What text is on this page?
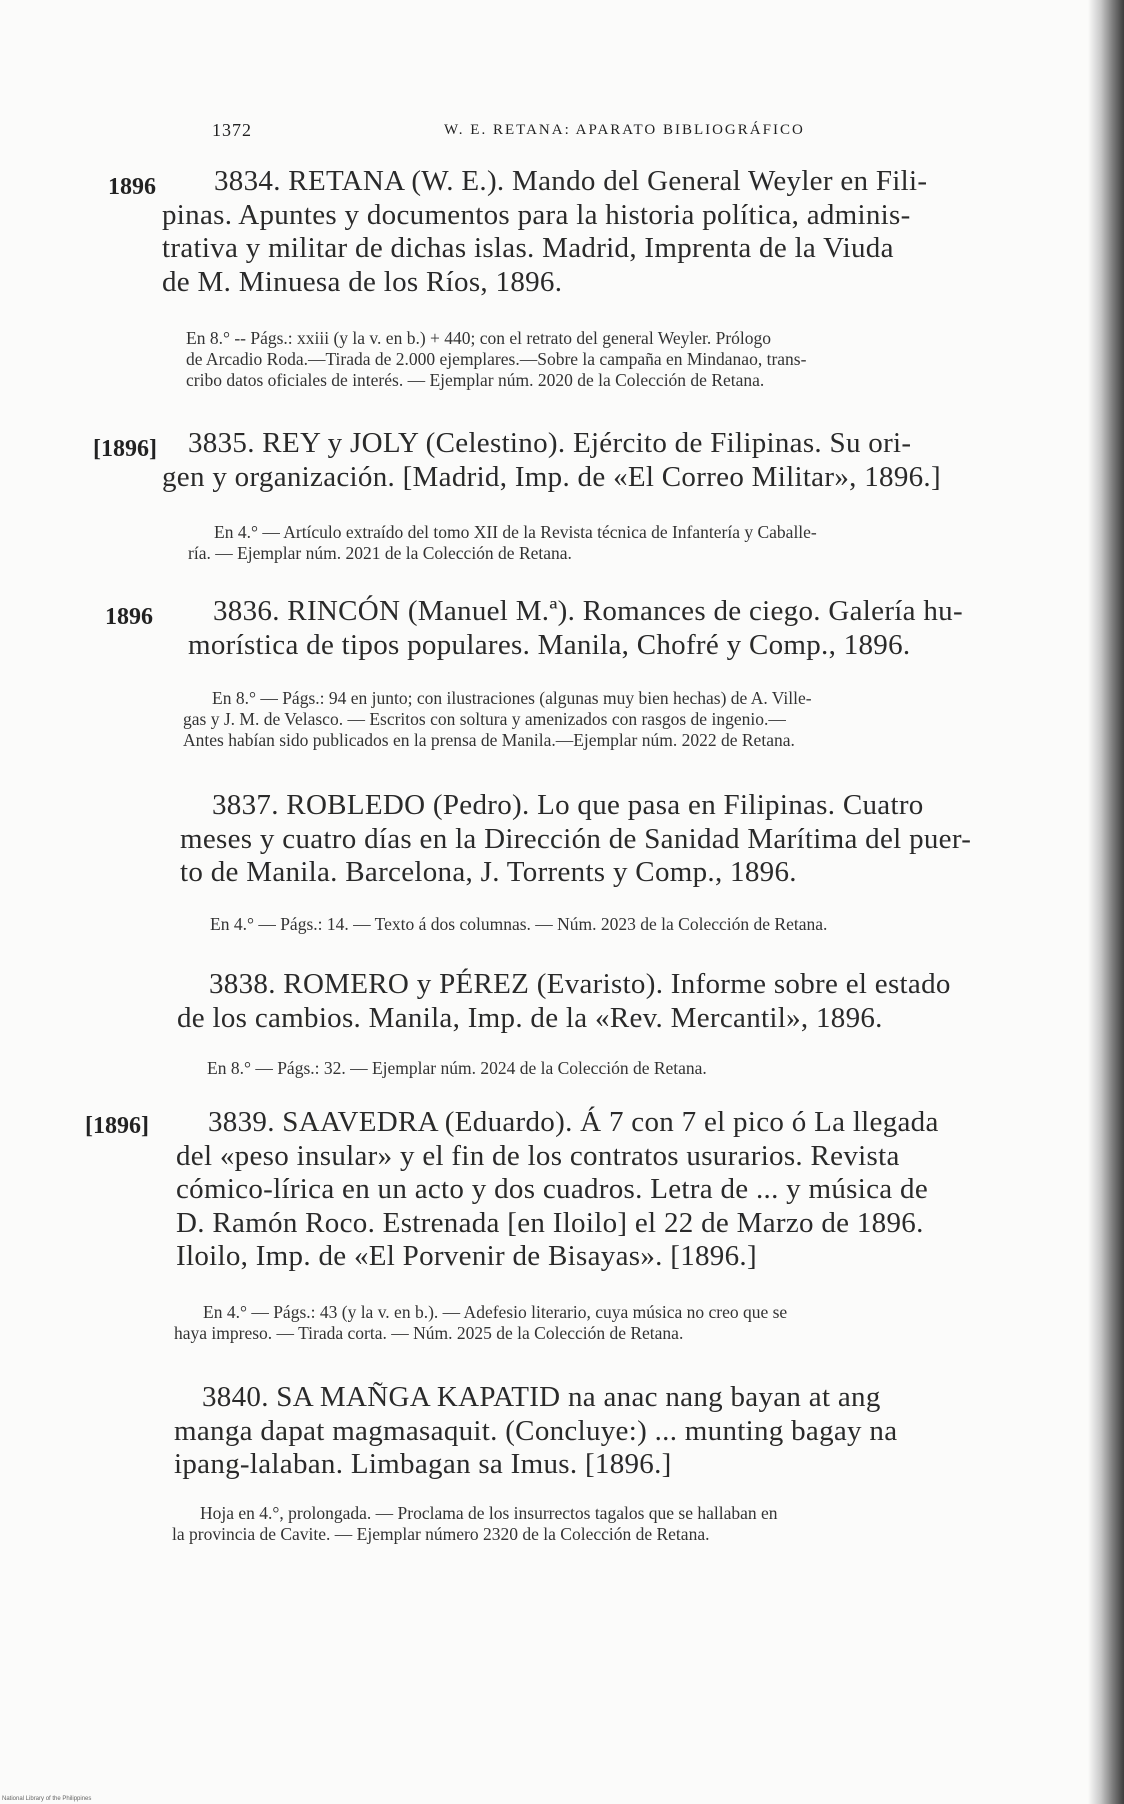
1372	W. E. RETANA: APARATO BIBLIOGRÁFICO
1896	3834. RETANA (W. E.). Mando del General Weyler en Fili-
pinas. Apuntes y documentos para la historia política, adminis-
trativa y militar de dichas islas. Madrid, Imprenta de la Viuda
de M. Minuesa de los Ríos, 1896.
En 8.° -- Págs.: xxiii (y la v. en b.) + 440; con el retrato del general Weyler. Prólogo
de Arcadio Roda.—Tirada de 2.000 ejemplares.—Sobre la campaña en Mindanao, trans-
cribo datos oficiales de interés. — Ejemplar núm. 2020 de la Colección de Retana.
[1896] 3835. REY y JOLY (Celestino). Ejército de Filipinas. Su ori-
gen y organización. [Madrid, Imp. de «El Correo Militar», 1896.]
En 4.° — Artículo extraído del tomo XII de la Revista técnica de Infantería y Caballe-
ría. — Ejemplar núm. 2021 de la Colección de Retana.
1896	3836. RINCÓN (Manuel M.ª). Romances de ciego. Galería hu-
morística de tipos populares. Manila, Chofré y Comp., 1896.
En 8.° — Págs.: 94 en junto; con ilustraciones (algunas muy bien hechas) de A. Ville-
gas y J. M. de Velasco. — Escritos con soltura y amenizados con rasgos de ingenio.—
Antes habían sido publicados en la prensa de Manila.—Ejemplar núm. 2022 de Retana.
3837. ROBLEDO (Pedro). Lo que pasa en Filipinas. Cuatro
meses y cuatro días en la Dirección de Sanidad Marítima del puer-
to de Manila. Barcelona, J. Torrents y Comp., 1896.
En 4.° — Págs.: 14. — Texto á dos columnas. — Núm. 2023 de la Colección de Retana.
3838. ROMERO y PÉREZ (Evaristo). Informe sobre el estado
de los cambios. Manila, Imp. de la «Rev. Mercantil», 1896.
En 8.° — Págs.: 32. — Ejemplar núm. 2024 de la Colección de Retana.
[1896]	3839. SAAVEDRA (Eduardo). Á 7 con 7 el pico ó La llegada
del «peso insular» y el fin de los contratos usurarios. Revista
cómico-lírica en un acto y dos cuadros. Letra de ... y música de
D. Ramón Roco. Estrenada [en Iloilo] el 22 de Marzo de 1896.
Iloilo, Imp. de «El Porvenir de Bisayas». [1896.]
En 4.° — Págs.: 43 (y la v. en b.). — Adefesio literario, cuya música no creo que se
haya impreso. — Tirada corta. — Núm. 2025 de la Colección de Retana.
3840. SA MAÑGA KAPATID na anac nang bayan at ang
manga dapat magmasaquit. (Concluye:) ... munting bagay na
ipang-lalaban. Limbagan sa Imus. [1896.]
Hoja en 4.°, prolongada. — Proclama de los insurrectos tagalos que se hallaban en
la provincia de Cavite. — Ejemplar número 2320 de la Colección de Retana.
National Library of the Philippines
